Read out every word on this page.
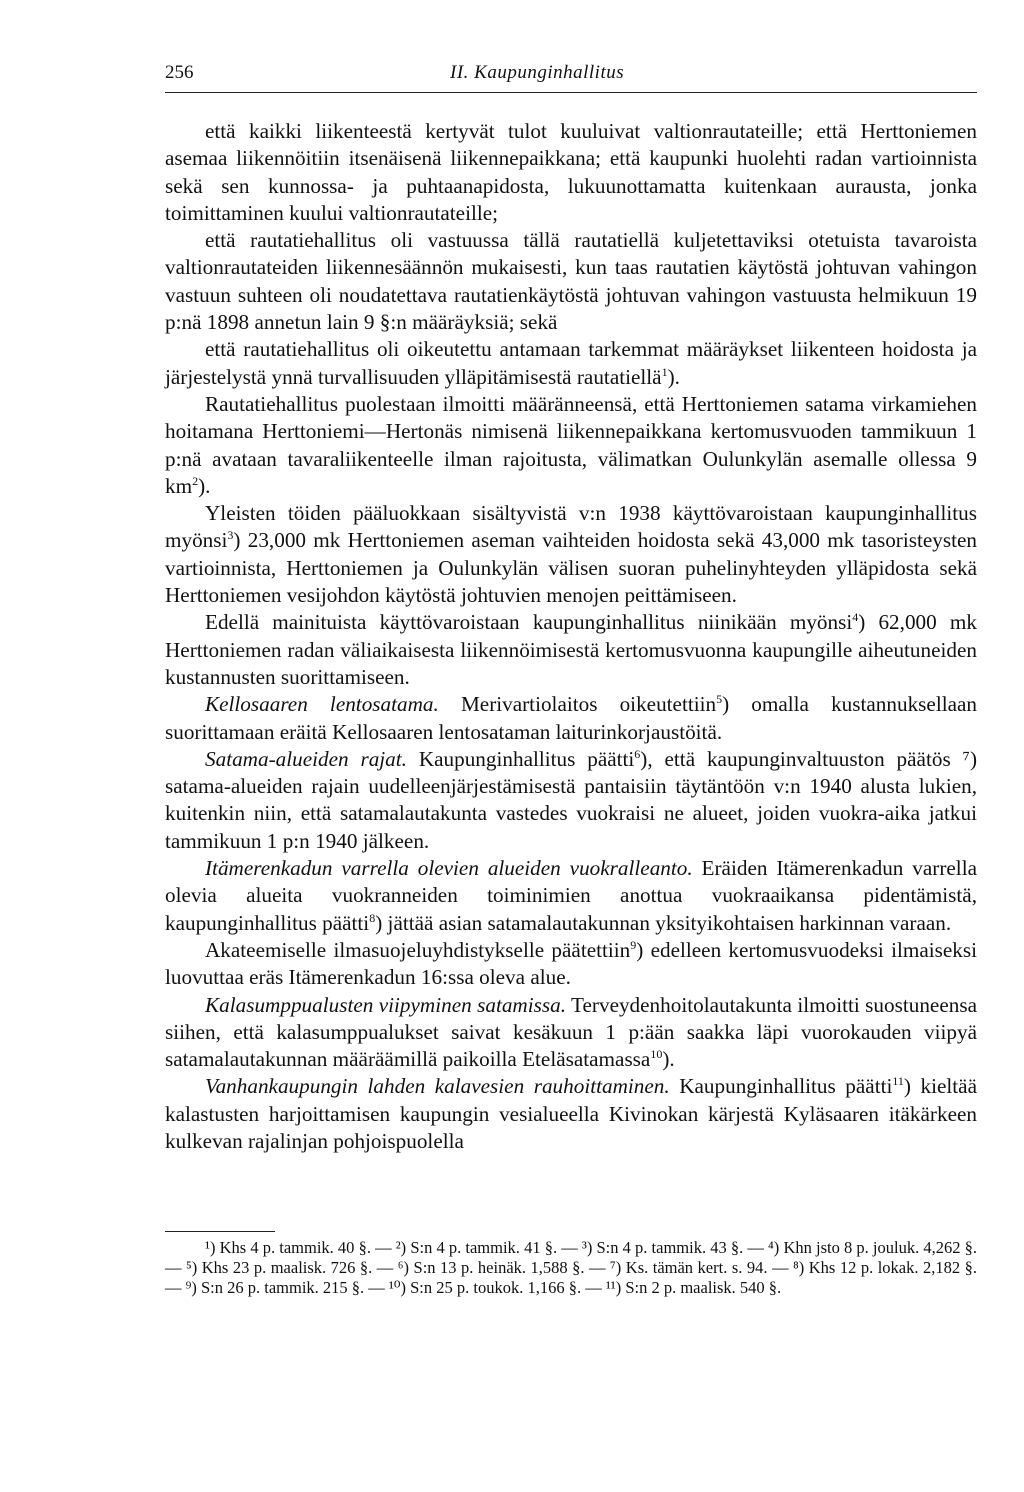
256	II. Kaupunginhallitus

että kaikki liikenteestä kertyvät tulot kuuluivat valtionrautateille; että Herttoniemen asemaa liikennöitiin itsenäisenä liikennepaikkana; että kaupunki huolehti radan vartioinnista sekä sen kunnossa- ja puhtaanapidosta, lukuunottamatta kuitenkaan aurausta, jonka toimittaminen kuului valtionrautateille;

että rautatiehallitus oli vastuussa tällä rautatiellä kuljetettaviksi otetuista tavaroista valtionrautateiden liikennesäännön mukaisesti, kun taas rautatien käytöstä johtuvan vahingon vastuun suhteen oli noudatettava rautatienkäytöstä johtuvan vahingon vastuusta helmikuun 19 p:nä 1898 annetun lain 9 §:n määräyksiä; sekä

että rautatiehallitus oli oikeutettu antamaan tarkemmat määräykset liikenteen hoidosta ja järjestelystä ynnä turvallisuuden ylläpitämisestä rautatiellä$^1$).

Rautatiehallitus puolestaan ilmoitti määränneensä, että Herttoniemen satama virkamiehen hoitamana Herttoniemi—Hertonäs nimisenä liikennepaikkana kertomusvuoden tammikuun 1 p:nä avataan tavaraliikenteelle ilman rajoitusta, välimatkan Oulunkylän asemalle ollessa 9 $km^2$).

Yleisten töiden pääluokkaan sisältyvistä v:n 1938 käyttövaroistaan kaupunginhallitus myönsi$^3$) 23,000 mk Herttoniemen aseman vaihteiden hoidosta sekä 43,000 mk tasoristeysten vartioinnista, Herttoniemen ja Oulunkylän välisen suoran puhelinyhteyden ylläpidosta sekä Herttoniemen vesijohdon käytöstä johtuvien menojen peittämiseen.

Edellä mainituista käyttövaroistaan kaupunginhallitus niinikään myönsi$^4$) 62,000 mk Herttoniemen radan väliaikaisesta liikennöimisestä kertomusvuonna kaupungille aiheutuneiden kustannusten suorittamiseen.

Kellosaaren lentosatama. Merivartiolaitos oikeutettiin$^5$) omalla kustannuksellaan suorittamaan eräitä Kellosaaren lentosataman laiturinkorjaustöitä.

Satama-alueiden rajat. Kaupunginhallitus päätti$^6$), että kaupunginvaltuuston päätös ⁷) satama-alueiden rajain uudelleenjärjestämisestä pantaisiin täytäntöön v:n 1940 alusta lukien, kuitenkin niin, että satamalautakunta vastedes vuokraisi ne alueet, joiden vuokra-aika jatkui tammikuun 1 p:n 1940 jälkeen.

Itämerenkadun varrella olevien alueiden vuokralleanto. Eräiden Itämerenkadun varrella olevia alueita vuokranneiden toiminimien anottua vuokraaikansa pidentämistä, kaupunginhallitus päätti$^8$) jättää asian satamalautakunnan yksityikohtaisen harkinnan varaan.

Akateemiselle ilmasuojeluyhdistykselle päätettiin$^9$) edelleen kertomusvuodeksi ilmaiseksi luovuttaa eräs Itämerenkadun 16:ssa oleva alue.

Kalasumppualusten viipyminen satamissa. Terveydenhoitolautakunta ilmoitti suostuneensa siihen, että kalasumppualukset saivat kesäkuun 1 p:ään saakka läpi vuorokauden viipyä satamalautakunnan määräämillä paikoilla Eteläsatamassa$^{10}$).

Vanhankaupungin lahden kalavesien rauhoittaminen. Kaupunginhallitus päätti$^{11}$) kieltää kalastusten harjoittamisen kaupungin vesialueella Kivinokan kärjestä Kyläsaaren itäkärkeen kulkevan rajalinjan pohjoispuolella

¹) Khs 4 p. tammik. 40 §. — ²) S:n 4 p. tammik. 41 §. — ³) S:n 4 p. tammik. 43 §. — ⁴) Khn jsto 8 p. jouluk. 4,262 §. — ⁵) Khs 23 p. maalisk. 726 §. — ⁶) S:n 13 p. heinäk. 1,588 §. — ⁷) Ks. tämän kert. s. 94. — ⁸) Khs 12 p. lokak. 2,182 §. — ⁹) S:n 26 p. tammik. 215 §. — ¹⁰) S:n 25 p. toukok. 1,166 §. — ¹¹) S:n 2 p. maalisk. 540 §.
